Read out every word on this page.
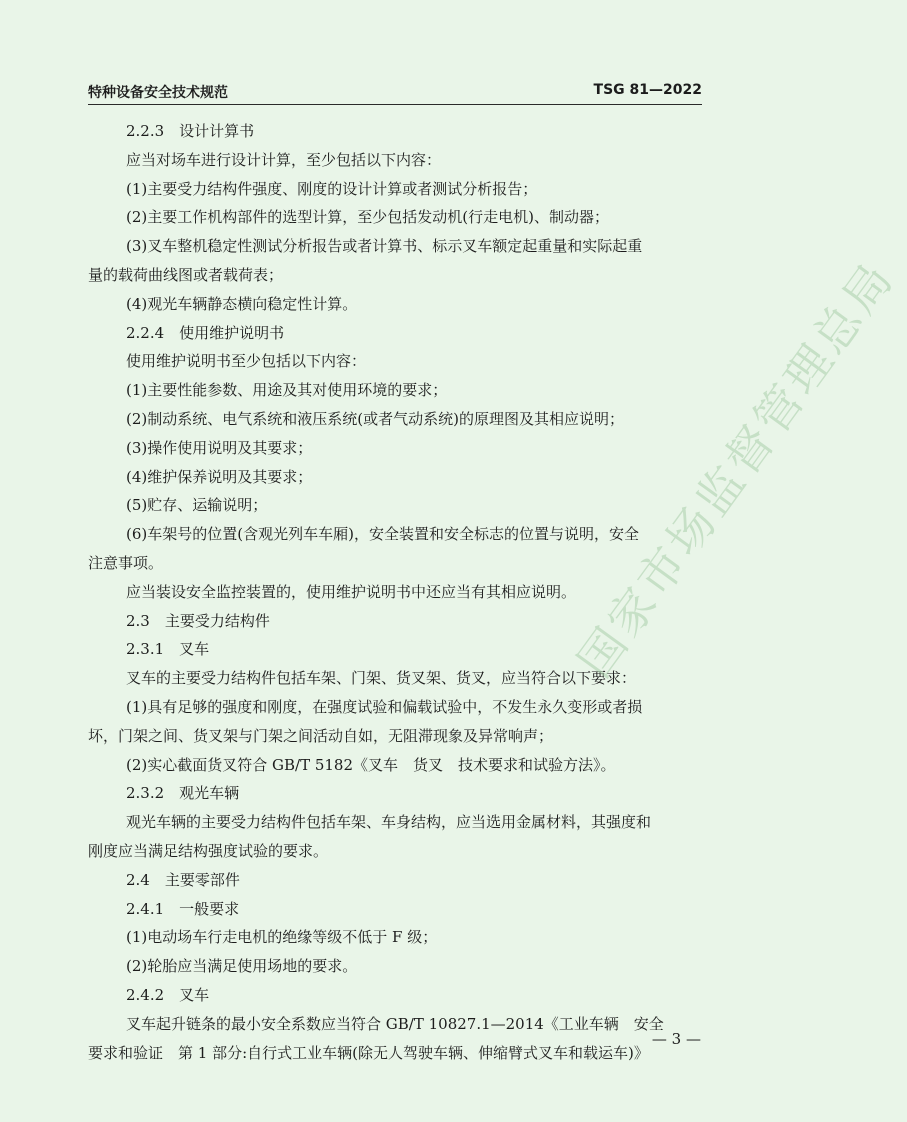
特种设备安全技术规范	TSG 81—2022

2.2.3　设计计算书

应当对场车进行设计计算，至少包括以下内容：

(1)主要受力结构件强度、刚度的设计计算或者测试分析报告；

(2)主要工作机构部件的选型计算，至少包括发动机(行走电机)、制动器；

(3)叉车整机稳定性测试分析报告或者计算书、标示叉车额定起重量和实际起重

量的载荷曲线图或者载荷表；

(4)观光车辆静态横向稳定性计算。

2.2.4　使用维护说明书

使用维护说明书至少包括以下内容：

(1)主要性能参数、用途及其对使用环境的要求；

(2)制动系统、电气系统和液压系统(或者气动系统)的原理图及其相应说明；

(3)操作使用说明及其要求；

(4)维护保养说明及其要求；

(5)贮存、运输说明；

(6)车架号的位置(含观光列车车厢)，安全装置和安全标志的位置与说明，安全

注意事项。

应当装设安全监控装置的，使用维护说明书中还应当有其相应说明。

2.3　主要受力结构件

2.3.1　叉车

叉车的主要受力结构件包括车架、门架、货叉架、货叉，应当符合以下要求：

(1)具有足够的强度和刚度，在强度试验和偏载试验中，不发生永久变形或者损

坏，门架之间、货叉架与门架之间活动自如，无阻滞现象及异常响声；

(2)实心截面货叉符合 GB/T 5182《叉车　货叉　技术要求和试验方法》。

2.3.2　观光车辆

观光车辆的主要受力结构件包括车架、车身结构，应当选用金属材料，其强度和

刚度应当满足结构强度试验的要求。

2.4　主要零部件

2.4.1　一般要求

(1)电动场车行走电机的绝缘等级不低于 F 级；

(2)轮胎应当满足使用场地的要求。

2.4.2　叉车

叉车起升链条的最小安全系数应当符合 GB/T 10827.1—2014《工业车辆　安全

要求和验证　第 1 部分:自行式工业车辆(除无人驾驶车辆、伸缩臂式叉车和载运车)》

国家市场监督管理总局
— 3 —
